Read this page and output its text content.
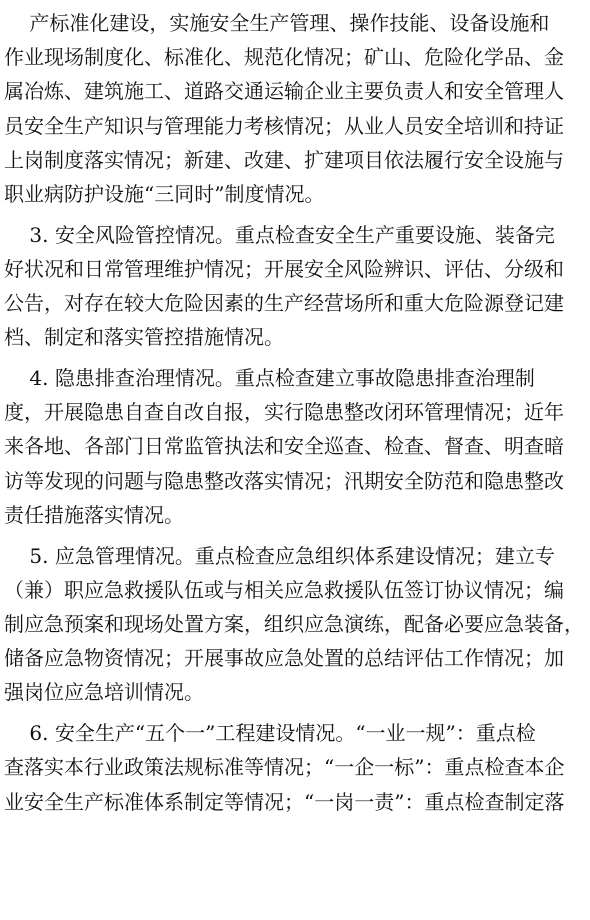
产标准化建设，实施安全生产管理、操作技能、设备设施和
作业现场制度化、标准化、规范化情况；矿山、危险化学品、金
属冶炼、建筑施工、道路交通运输企业主要负责人和安全管理人
员安全生产知识与管理能力考核情况；从业人员安全培训和持证
上岗制度落实情况；新建、改建、扩建项目依法履行安全设施与
职业病防护设施“三同时”制度情况。
3. 安全风险管控情况。重点检查安全生产重要设施、装备完
好状况和日常管理维护情况；开展安全风险辨识、评估、分级和
公告，对存在较大危险因素的生产经营场所和重大危险源登记建
档、制定和落实管控措施情况。
4. 隐患排查治理情况。重点检查建立事故隐患排查治理制
度，开展隐患自查自改自报，实行隐患整改闭环管理情况；近年
来各地、各部门日常监管执法和安全巡查、检查、督查、明查暗
访等发现的问题与隐患整改落实情况；汛期安全防范和隐患整改
责任措施落实情况。
5. 应急管理情况。重点检查应急组织体系建设情况；建立专
（兼）职应急救援队伍或与相关应急救援队伍签订协议情况；编
制应急预案和现场处置方案，组织应急演练，配备必要应急装备，
储备应急物资情况；开展事故应急处置的总结评估工作情况；加
强岗位应急培训情况。
6. 安全生产“五个一”工程建设情况。“一业一规”：重点检
查落实本行业政策法规标准等情况；“一企一标”：重点检查本企
业安全生产标准体系制定等情况；“一岗一责”：重点检查制定落
